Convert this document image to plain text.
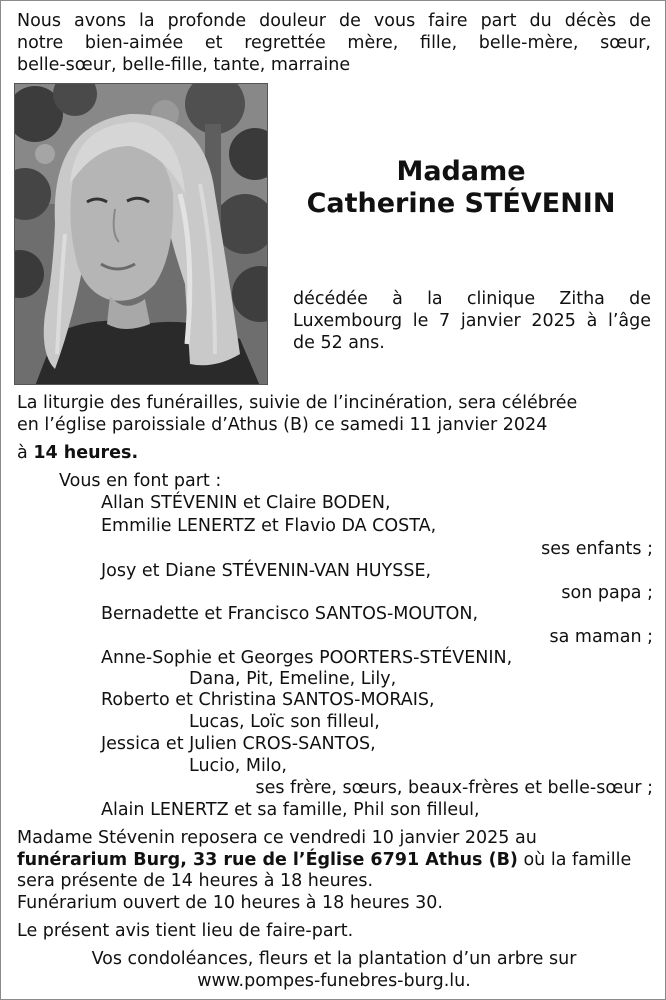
Nous avons la profonde douleur de vous faire part du décès de
notre bien-aimée et regrettée mère, fille, belle-mère, sœur,
belle-sœur, belle-fille, tante, marraine
Madame
Catherine STÉVENIN
décédée à la clinique Zitha de
Luxembourg le 7 janvier 2025 à l’âge
de 52 ans.
La liturgie des funérailles, suivie de l’incinération, sera célébrée
en l’église paroissiale d’Athus (B) ce samedi 11 janvier 2024
à 14 heures.
Vous en font part :
Allan STÉVENIN et Claire BODEN,
Emmilie LENERTZ et Flavio DA COSTA,
ses enfants ;
Josy et Diane STÉVENIN-VAN HUYSSE,
son papa ;
Bernadette et Francisco SANTOS-MOUTON,
sa maman ;
Anne-Sophie et Georges POORTERS-STÉVENIN,
Dana, Pit, Emeline, Lily,
Roberto et Christina SANTOS-MORAIS,
Lucas, Loïc son filleul,
Jessica et Julien CROS-SANTOS,
Lucio, Milo,
ses frère, sœurs, beaux-frères et belle-sœur ;
Alain LENERTZ et sa famille, Phil son filleul,
Madame Stévenin reposera ce vendredi 10 janvier 2025 au
funérarium Burg, 33 rue de l’Église 6791 Athus (B) où la famille
sera présente de 14 heures à 18 heures.
Funérarium ouvert de 10 heures à 18 heures 30.
Le présent avis tient lieu de faire-part.
Vos condoléances, fleurs et la plantation d’un arbre sur
www.pompes-funebres-burg.lu.
